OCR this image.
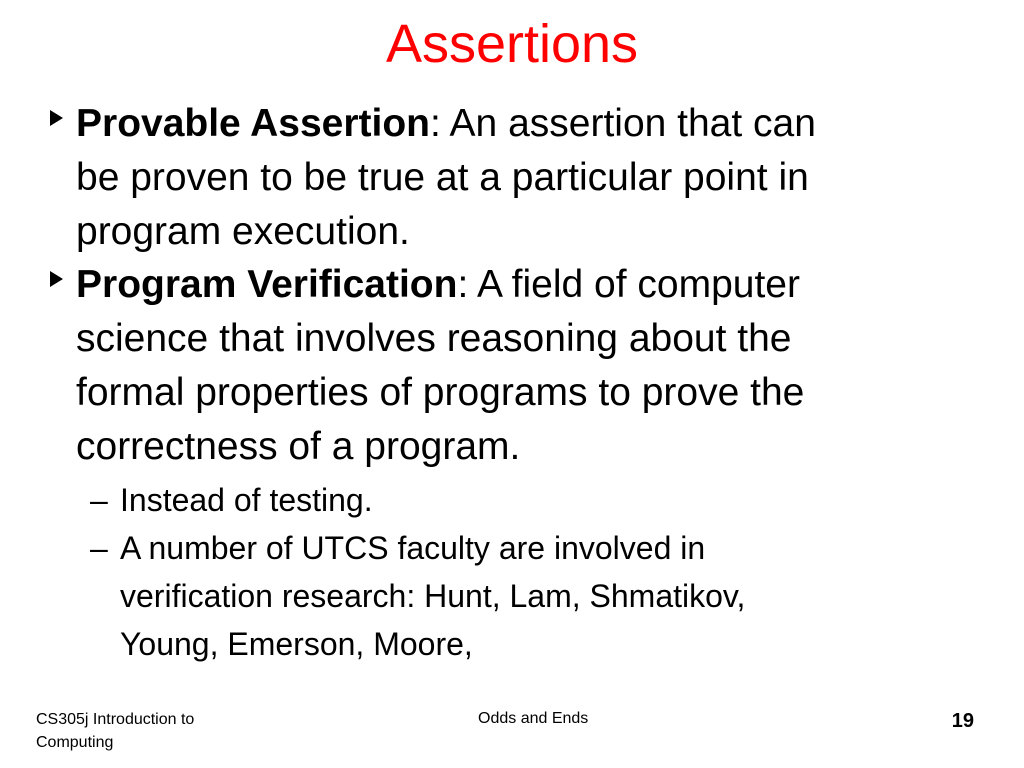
Assertions
Provable Assertion: An assertion that can
be proven to be true at a particular point in
program execution.
Program Verification: A field of computer
science that involves reasoning about the
formal properties of programs to prove the
correctness of a program.
– Instead of testing.
– A number of UTCS faculty are involved in
verification research: Hunt, Lam, Shmatikov,
Young, Emerson, Moore,
CS305j Introduction to
Computing
Odds and Ends	19
